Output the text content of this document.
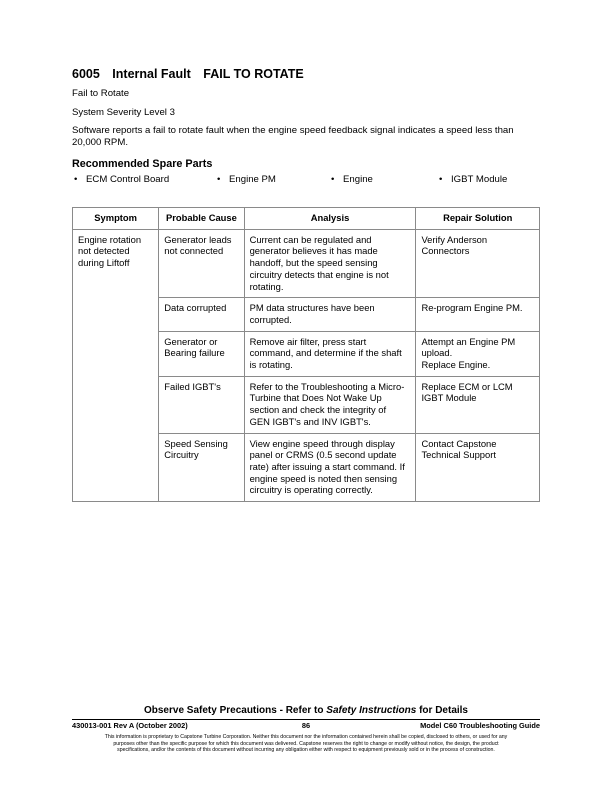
6005 Internal Fault FAIL TO ROTATE

Fail to Rotate

System Severity Level 3

Software reports a fail to rotate fault when the engine speed feedback signal indicates a speed less than 20,000 RPM.

Recommended Spare Parts
• ECM Control Board	• Engine PM	• Engine	• IGBT Module
Symptom	Probable Cause	Analysis	Repair Solution

Engine rotation
not detected
during Liftoff	Generator leads
not connected	Current can be regulated and
generator believes it has made
handoff, but the speed sensing
circuitry detects that engine is not
rotating.	Verify Anderson
Connectors

	Data corrupted	PM data structures have been
corrupted.	Re-program Engine PM.

	Generator or
Bearing failure	Remove air filter, press start
command, and determine if the shaft
is rotating.	Attempt an Engine PM
upload.
Replace Engine.

	Failed IGBT's	Refer to the Troubleshooting a Micro-
Turbine that Does Not Wake Up
section and check the integrity of
GEN IGBT's and INV IGBT's.	Replace ECM or LCM
IGBT Module

	Speed Sensing
Circuitry	View engine speed through display
panel or CRMS (0.5 second update
rate) after issuing a start command. If
engine speed is noted then sensing
circuitry is operating correctly.	Contact Capstone
Technical Support
Observe Safety Precautions - Refer to Safety Instructions for Details
430013-001 Rev A (October 2002)	86	Model C60 Troubleshooting Guide
This information is proprietary to Capstone Turbine Corporation. Neither this document nor the information contained herein shall be copied, disclosed to others, or used for any
purposes other than the specific purpose for which this document was delivered. Capstone reserves the right to change or modify without notice, the design, the product
specifications, and/or the contents of this document without incurring any obligation either with respect to equipment previously sold or in the process of construction.
